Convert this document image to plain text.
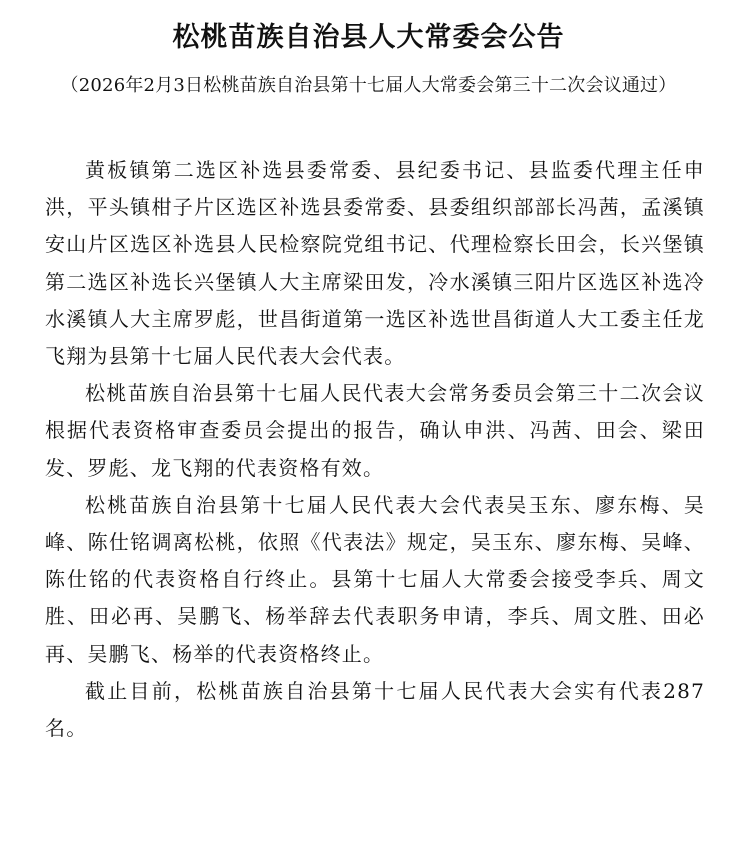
松桃苗族自治县人大常委会公告
（2026年2月3日松桃苗族自治县第十七届人大常委会第三十二次会议通过）

黄板镇第二选区补选县委常委、县纪委书记、县监委代理主任申洪，平头镇柑子片区选区补选县委常委、县委组织部部长冯茜，孟溪镇安山片区选区补选县人民检察院党组书记、代理检察长田会，长兴堡镇第二选区补选长兴堡镇人大主席梁田发，冷水溪镇三阳片区选区补选冷水溪镇人大主席罗彪，世昌街道第一选区补选世昌街道人大工委主任龙飞翔为县第十七届人民代表大会代表。

松桃苗族自治县第十七届人民代表大会常务委员会第三十二次会议根据代表资格审查委员会提出的报告，确认申洪、冯茜、田会、梁田发、罗彪、龙飞翔的代表资格有效。

松桃苗族自治县第十七届人民代表大会代表吴玉东、廖东梅、吴峰、陈仕铭调离松桃，依照《代表法》规定，吴玉东、廖东梅、吴峰、陈仕铭的代表资格自行终止。县第十七届人大常委会接受李兵、周文胜、田必再、吴鹏飞、杨举辞去代表职务申请，李兵、周文胜、田必再、吴鹏飞、杨举的代表资格终止。

截止目前，松桃苗族自治县第十七届人民代表大会实有代表287名。
